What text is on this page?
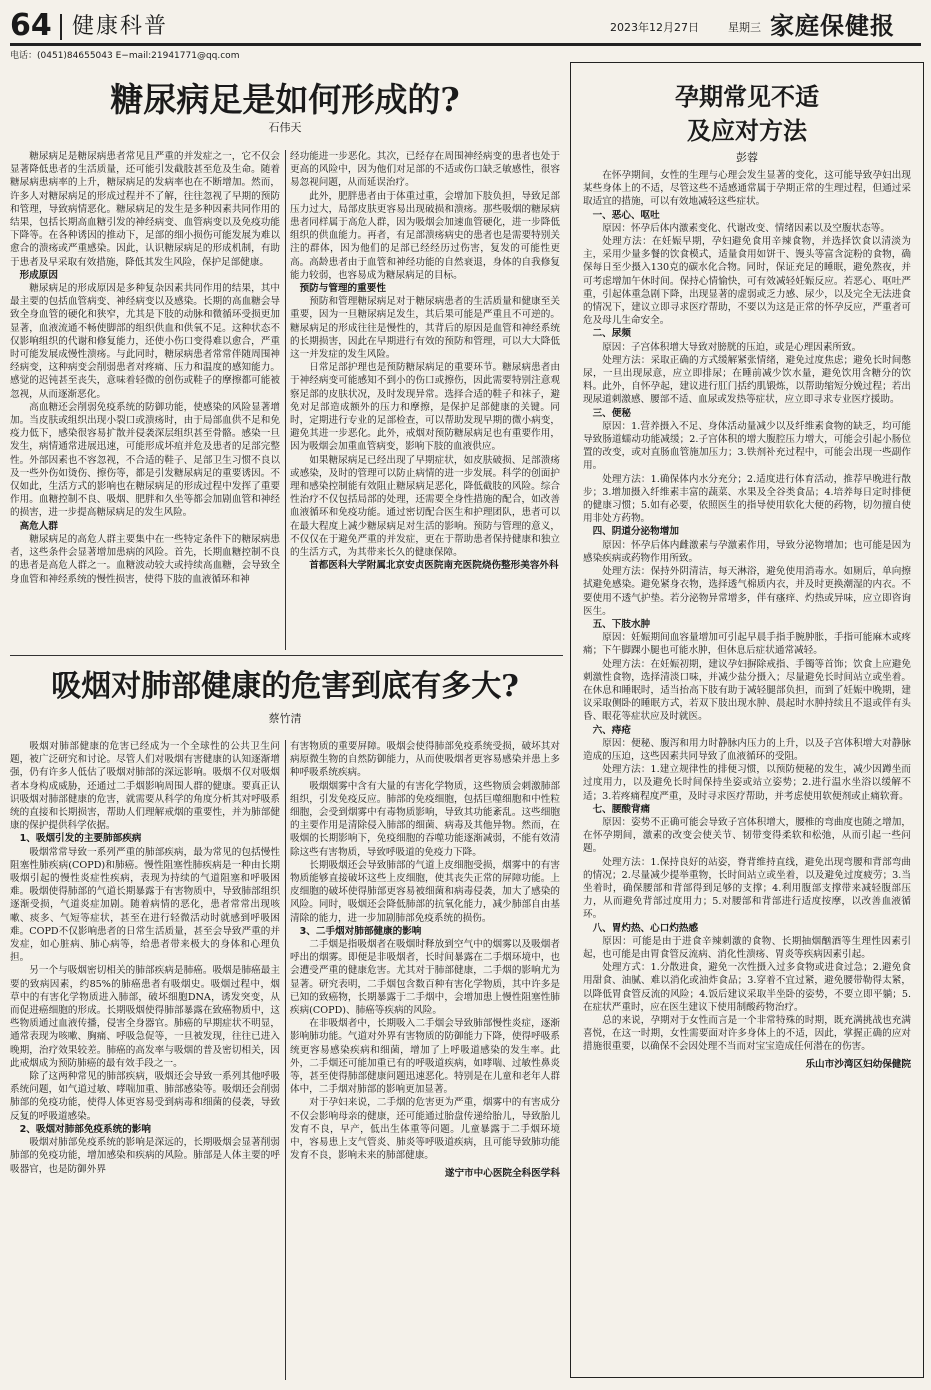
64 健康科普	2023年12月27日	星期三 家庭保健报
电话：(0451)84655043 E−mail:21941771@qq.com
糖尿病足是如何形成的?
石伟天

糖尿病足是糖尿病患者常见且严重的并发症之一，它不仅会显著降低患者的生活质量，还可能引发截肢甚至危及生命。随着糖尿病患病率的上升，糖尿病足的发病率也在不断增加。然而，许多人对糖尿病足的形成过程并不了解，往往忽视了早期的预防和管理，导致病情恶化。糖尿病足的发生是多种因素共同作用的结果，包括长期高血糖引发的神经病变、血管病变以及免疫功能下降等。在各种诱因的推动下，足部的细小损伤可能发展为难以愈合的溃疡或严重感染。因此，认识糖尿病足的形成机制，有助于患者及早采取有效措施，降低其发生风险，保护足部健康。

形成原因

糖尿病足的形成原因是多种复杂因素共同作用的结果，其中最主要的包括血管病变、神经病变以及感染。长期的高血糖会导致全身血管的硬化和狭窄，尤其是下肢的动脉和微循环受损更加显著，血液流通不畅使脚部的组织供血和供氧不足。这种状态不仅影响组织的代谢和修复能力，还使小伤口变得难以愈合，严重时可能发展成慢性溃疡。与此同时，糖尿病患者常常伴随周围神经病变，这种病变会削弱患者对疼痛、压力和温度的感知能力。感觉的迟钝甚至丧失，意味着轻微的创伤或鞋子的摩擦都可能被忽视，从而逐渐恶化。

高血糖还会削弱免疫系统的防御功能，使感染的风险显著增加。当皮肤或组织出现小裂口或溃疡时，由于局部血供不足和免疫力低下，感染很容易扩散并侵袭深层组织甚至骨骼。感染一旦发生，病情通常进展迅速，可能形成坏疽并危及患者的足部完整性。外部因素也不容忽视，不合适的鞋子、足部卫生习惯不良以及一些外伤如烫伤、擦伤等，都是引发糖尿病足的重要诱因。不仅如此，生活方式的影响也在糖尿病足的形成过程中发挥了重要作用。血糖控制不良、吸烟、肥胖和久坐等都会加剧血管和神经的损害，进一步提高糖尿病足的发生风险。

高危人群

糖尿病足的高危人群主要集中在一些特定条件下的糖尿病患者，这些条件会显著增加患病的风险。首先，长期血糖控制不良的患者是高危人群之一。血糖波动较大或持续高血糖，会导致全身血管和神经系统的慢性损害，使得下肢的血液循环和神

经功能进一步恶化。其次，已经存在周围神经病变的患者也处于更高的风险中，因为他们对足部的不适或伤口缺乏敏感性，很容易忽视问题，从而延误治疗。

此外，肥胖患者由于体重过重，会增加下肢负担，导致足部压力过大，局部皮肤更容易出现破损和溃疡。那些吸烟的糖尿病患者同样属于高危人群，因为吸烟会加速血管硬化，进一步降低组织的供血能力。再者，有足部溃疡病史的患者也是需要特别关注的群体，因为他们的足部已经经历过伤害，复发的可能性更高。高龄患者由于血管和神经功能的自然衰退，身体的自我修复能力较弱，也容易成为糖尿病足的目标。

预防与管理的重要性

预防和管理糖尿病足对于糖尿病患者的生活质量和健康至关重要，因为一旦糖尿病足发生，其后果可能是严重且不可逆的。糖尿病足的形成往往是慢性的，其背后的原因是血管和神经系统的长期损害，因此在早期进行有效的预防和管理，可以大大降低这一并发症的发生风险。

日常足部护理也是预防糖尿病足的重要环节。糖尿病患者由于神经病变可能感知不到小的伤口或擦伤，因此需要特别注意观察足部的皮肤状况，及时发现异常。选择合适的鞋子和袜子，避免对足部造成额外的压力和摩擦，是保护足部健康的关键。同时，定期进行专业的足部检查，可以帮助发现早期的微小病变，避免其进一步恶化。此外，戒烟对预防糖尿病足也有重要作用，因为吸烟会加重血管病变，影响下肢的血液供应。

如果糖尿病足已经出现了早期症状，如皮肤破损、足部溃疡或感染，及时的管理可以防止病情的进一步发展。科学的创面护理和感染控制能有效阻止糖尿病足恶化，降低截肢的风险。综合性治疗不仅包括局部的处理，还需要全身性措施的配合，如改善血液循环和免疫功能。通过密切配合医生和护理团队，患者可以在最大程度上减少糖尿病足对生活的影响。预防与管理的意义，不仅仅在于避免严重的并发症，更在于帮助患者保持健康和独立的生活方式，为其带来长久的健康保障。

首都医科大学附属北京安贞医院南充医院烧伤整形美容外科

吸烟对肺部健康的危害到底有多大?
蔡竹清

吸烟对肺部健康的危害已经成为一个全球性的公共卫生问题，被广泛研究和讨论。尽管人们对吸烟有害健康的认知逐渐增强，仍有许多人低估了吸烟对肺部的深远影响。吸烟不仅对吸烟者本身构成威胁，还通过二手烟影响周围人群的健康。要真正认识吸烟对肺部健康的危害，就需要从科学的角度分析其对呼吸系统的直接和长期损害，帮助人们理解戒烟的重要性，并为肺部健康的保护提供科学依据。

1、吸烟引发的主要肺部疾病

吸烟常常导致一系列严重的肺部疾病，最为常见的包括慢性阻塞性肺疾病(COPD)和肺癌。慢性阻塞性肺疾病是一种由长期吸烟引起的慢性炎症性疾病，表现为持续的气道阻塞和呼吸困难。吸烟使得肺部的气道长期暴露于有害物质中，导致肺部组织逐渐受损，气道炎症加剧。随着病情的恶化，患者常常出现咳嗽、痰多、气短等症状，甚至在进行轻微活动时就感到呼吸困难。COPD不仅影响患者的日常生活质量，甚至会导致严重的并发症，如心脏病、肺心病等，给患者带来极大的身体和心理负担。

另一个与吸烟密切相关的肺部疾病是肺癌。吸烟是肺癌最主要的致病因素，约85%的肺癌患者有吸烟史。吸烟过程中，烟草中的有害化学物质进入肺部，破坏细胞DNA，诱发突变，从而促进癌细胞的形成。长期吸烟使得肺部暴露在致癌物质中，这些物质通过血液传播，侵害全身器官。肺癌的早期症状不明显，通常表现为咳嗽、胸痛、呼吸急促等，一旦被发现，往往已进入晚期，治疗效果较差。肺癌的高发率与吸烟的普及密切相关，因此戒烟成为预防肺癌的最有效手段之一。

除了这两种常见的肺部疾病，吸烟还会导致一系列其他呼吸系统问题，如气道过敏、哮喘加重、肺部感染等。吸烟还会削弱肺部的免疫功能，使得人体更容易受到病毒和细菌的侵袭，导致反复的呼吸道感染。

2、吸烟对肺部免疫系统的影响

吸烟对肺部免疫系统的影响是深远的，长期吸烟会显著削弱肺部的免疫功能，增加感染和疾病的风险。肺部是人体主要的呼吸器官，也是防御外界

有害物质的重要屏障。吸烟会使得肺部免疫系统受损，破坏其对病原微生物的自然防御能力，从而使吸烟者更容易感染并患上多种呼吸系统疾病。

吸烟烟雾中含有大量的有害化学物质，这些物质会刺激肺部组织，引发免疫反应。肺部的免疫细胞，包括巨噬细胞和中性粒细胞，会受到烟雾中有毒物质影响，导致其功能紊乱。这些细胞的主要作用是清除侵入肺部的细菌、病毒及其他异物。然而，在吸烟的长期影响下，免疫细胞的吞噬功能逐渐减弱，不能有效清除这些有害物质，导致呼吸道的免疫力下降。

长期吸烟还会导致肺部的气道上皮细胞受损，烟雾中的有害物质能够直接破坏这些上皮细胞，使其丧失正常的屏障功能。上皮细胞的破坏使得肺部更容易被细菌和病毒侵袭，加大了感染的风险。同时，吸烟还会降低肺部的抗氧化能力，减少肺部自由基清除的能力，进一步加剧肺部免疫系统的损伤。

3、二手烟对肺部健康的影响

二手烟是指吸烟者在吸烟时释放到空气中的烟雾以及吸烟者呼出的烟雾。即便是非吸烟者，长时间暴露在二手烟环境中，也会遭受严重的健康危害。尤其对于肺部健康，二手烟的影响尤为显著。研究表明，二手烟包含数百种有害化学物质，其中许多是已知的致癌物，长期暴露于二手烟中，会增加患上慢性阻塞性肺疾病(COPD)、肺癌等疾病的风险。

在非吸烟者中，长期吸入二手烟会导致肺部慢性炎症，逐渐影响肺功能。气道对外界有害物质的防御能力下降，使得呼吸系统更容易感染疾病和细菌，增加了上呼吸道感染的发生率。此外，二手烟还可能加重已有的呼吸道疾病，如哮喘、过敏性鼻炎等，甚至使得肺部健康问题迅速恶化。特别是在儿童和老年人群体中，二手烟对肺部的影响更加显著。

对于孕妇来说，二手烟的危害更为严重，烟雾中的有害成分不仅会影响母亲的健康，还可能通过胎盘传递给胎儿，导致胎儿发育不良，早产，低出生体重等问题。儿童暴露于二手烟环境中，容易患上支气管炎、肺炎等呼吸道疾病，且可能导致肺功能发育不良，影响未来的肺部健康。

遂宁市中心医院全科医学科

孕期常见不适
及应对方法
彭蓉

在怀孕期间，女性的生理与心理会发生显著的变化，这可能导致孕妇出现某些身体上的不适，尽管这些不适感通常属于孕期正常的生理过程，但通过采取适宜的措施，可以有效地减轻这些症状。

一、恶心、呕吐

原因：怀孕后体内激素变化、代谢改变、情绪因素以及空腹状态等。

处理方法：在妊娠早期，孕妇避免食用辛辣食物，并选择饮食以清淡为主，采用少量多餐的饮食模式，适量食用如饼干、馒头等富含淀粉的食物，确保每日至少摄入130克的碳水化合物。同时，保证充足的睡眠，避免熬夜，并可考虑增加午休时间。保持心情愉快，可有效减轻妊娠反应。若恶心、呕吐严重，引起体重急剧下降，出现显著的虚弱或乏力感、尿少，以及完全无法进食的情况下，建议立即寻求医疗帮助，不要以为这是正常的怀孕反应，严重者可危及母儿生命安全。

二、尿频

原因：子宫体积增大导致对膀胱的压迫，或是心理因素所致。

处理方法：采取正确的方式缓解紧张情绪，避免过度焦虑；避免长时间憋尿，一旦出现尿意，应立即排尿；在睡前减少饮水量，避免饮用含糖分的饮料。此外，自怀孕起，建议进行肛门括约肌锻炼，以帮助缩短分娩过程；若出现尿道刺激感、腰部不适、血尿或发热等症状，应立即寻求专业医疗援助。

三、便秘

原因：1.营养摄入不足、身体活动量减少以及纤维素食物的缺乏，均可能导致肠道蠕动功能减缓；2.子宫体积的增大腹腔压力增大，可能会引起小肠位置的改变，或对直肠血管施加压力；3.铁剂补充过程中，可能会出现一些副作用。

处理方法：1.确保体内水分充分；2.适度进行体育活动，推荐早晚进行散步；3.增加摄入纤维素丰富的蔬菜、水果及全谷类食品；4.培养每日定时排便的健康习惯；5.如有必要，依照医生的指导使用软化大便的药物，切勿擅自使用非处方药物。

四、阴道分泌物增加

原因：怀孕后体内雌激素与孕激素作用，导致分泌物增加；也可能是因为感染疾病或药物作用所致。

处理方法：保持外阴清洁，每天淋浴，避免使用消毒水。如厕后，单向擦拭避免感染。避免紧身衣物，选择透气棉质内衣，并及时更换潮湿的内衣。不要使用不透气护垫。若分泌物异常增多，伴有瘙痒、灼热或异味，应立即咨询医生。

五、下肢水肿

原因：妊娠期间血容量增加可引起早晨手指手腕肿胀，手指可能麻木或疼痛；下午脚踝小腿也可能水肿，但休息后症状通常减轻。

处理方法：在妊娠初期，建议孕妇摒除戒指、手镯等首饰；饮食上应避免刺激性食物，选择清淡口味，并减少盐分摄入；尽量避免长时间站立或坐着。在休息和睡眠时，适当抬高下肢有助于减轻腿部负担，而到了妊娠中晚期，建议采取侧卧的睡眠方式，若双下肢出现水肿、晨起时水肿持续且不退或伴有头昏、眼花等症状应及时就医。

六、痔疮

原因：便秘、腹泻和用力时静脉内压力的上升，以及子宫体积增大对静脉造成的压迫，这些因素共同导致了血液循环的受阻。

处理方法：1.建立规律性的排便习惯，以预防便秘的发生，减少因蹲坐而过度用力，以及避免长时间保持坐姿或站立姿势；2.进行温水坐浴以缓解不适；3.若疼痛程度严重，及时寻求医疗帮助，并考虑使用软便剂或止痛软膏。

七、腰酸背痛

原因：姿势不正确可能会导致子宫体积增大，腰椎的弯曲度也随之增加，在怀孕期间，激素的改变会使关节、韧带变得柔软和松弛，从而引起一些问题。

处理方法：1.保持良好的站姿，脊背维持直线，避免出现弯腰和背部弯曲的情况；2.尽量减少提举重物，长时间站立或坐着，以及避免过度疲劳；3.当坐着时，确保腰部和背部得到足够的支撑；4.利用腹部支撑带来减轻腹部压力，从而避免背部过度用力；5.对腰部和背部进行适度按摩，以改善血液循环。

八、胃灼热、心口灼热感

原因：可能是由于进食辛辣刺激的食物、长期抽烟酗酒等生理性因素引起，也可能是由胃食管反流病、消化性溃疡、胃炎等疾病因素引起。

处理方式：1.分散进食，避免一次性摄入过多食物或进食过急；2.避免食用甜食、油腻、难以消化或油炸食品；3.穿着不宜过紧，避免腰带勒得太紧，以降低胃食管反流的风险；4.饭后建议采取半坐卧的姿势，不要立即平躺；5.在症状严重时，应在医生建议下使用制酸药物治疗。

总的来说，孕期对于女性而言是一个非常特殊的时期，既充满挑战也充满喜悦，在这一时期，女性需要面对许多身体上的不适，因此，掌握正确的应对措施很重要，以确保不会因处理不当而对宝宝造成任何潜在的伤害。

乐山市沙湾区妇幼保健院
